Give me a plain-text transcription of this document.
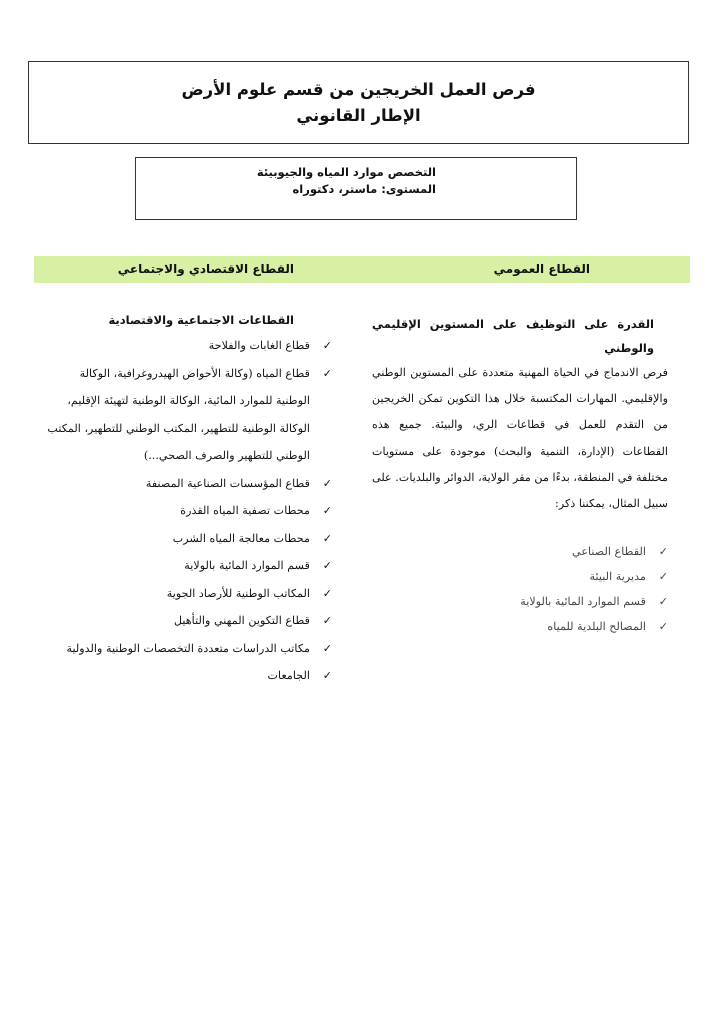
فرص العمل الخريجين من قسم علوم الأرض
الإطار القانوني
التخصص موارد المياه والجيوبيئة
المستوى: ماستر، دكتوراه
القطاع العمومي
القطاع الاقتصادي والاجتماعي
القدرة على التوظيف على المستوين الإقليمي والوطني
فرص الاندماج في الحياة المهنية متعددة على المستوين الوطني والإقليمي. المهارات المكتسبة خلال هذا التكوين تمكن الخريجين من التقدم للعمل في قطاعات الري، والبيئة. جميع هذه القطاعات (الإدارة، التنمية والبحث) موجودة على مستويات مختلفة في المنطقة، بدءًا من مقر الولاية، الدوائر والبلديات. على سبيل المثال، يمكننا ذكر:
✓
القطاع الصناعي
✓
مديرية البيئة
✓
قسم الموارد المائية بالولاية
✓
المصالح البلدية للمياه
القطاعات الاجتماعية والاقتصادية
✓
قطاع الغابات والفلاحة
✓
قطاع المياه (وكالة الأحواض الهيدروغرافية، الوكالة الوطنية للموارد المائية، الوكالة الوطنية لتهيئة الإقليم، الوكالة الوطنية للتطهير، المكتب الوطني للتطهير، المكتب الوطني للتطهير والصرف الصحي...)
✓
قطاع المؤسسات الصناعية المصنفة
✓
محطات تصفية المياه القذرة
✓
محطات معالجة المياه الشرب
✓
قسم الموارد المائية بالولاية
✓
المكاتب الوطنية للأرصاد الجوية
✓
قطاع التكوين المهني والتأهيل
✓
مكاتب الدراسات متعددة التخصصات الوطنية والدولية
✓
الجامعات
